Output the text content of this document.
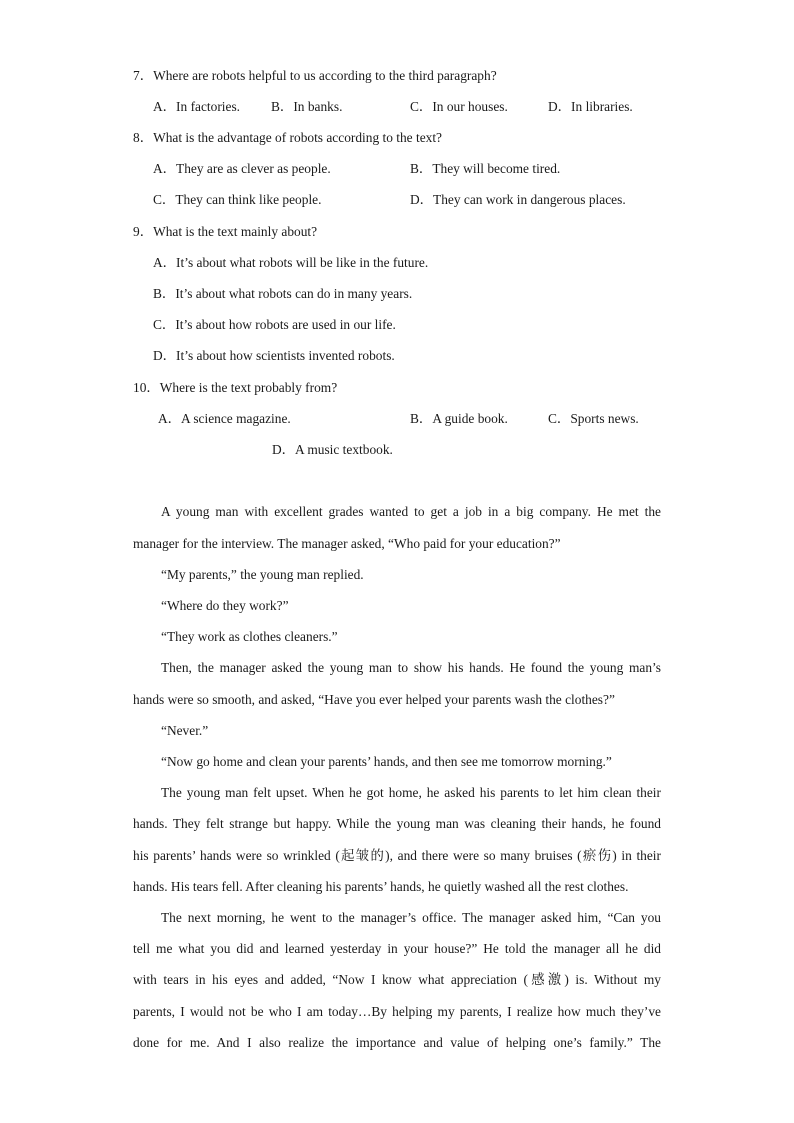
7．Where are robots helpful to us according to the third paragraph?
A．In factories. B．In banks.	C．In our houses.	D．In libraries.
8．What is the advantage of robots according to the text?
A．They are as clever as people.	B．They will become tired.
C．They can think like people.	D．They can work in dangerous places.
9．What is the text mainly about?
A．It’s about what robots will be like in the future.
B．It’s about what robots can do in many years.
C．It’s about how robots are used in our life.
D．It’s about how scientists invented robots.
10．Where is the text probably from?
A．A science magazine.	B．A guide book.	C．Sports news.
D．A music textbook.
A young man with excellent grades wanted to get a job in a big company. He met the
manager for the interview. The manager asked, “Who paid for your education?”
“My parents,” the young man replied.
“Where do they work?”
“They work as clothes cleaners.”
Then, the manager asked the young man to show his hands. He found the young man’s
hands were so smooth, and asked, “Have you ever helped your parents wash the clothes?”
“Never.”
“Now go home and clean your parents’ hands, and then see me tomorrow morning.”
The young man felt upset. When he got home, he asked his parents to let him clean their
hands. They felt strange but happy. While the young man was cleaning their hands, he found
his parents’ hands were so wrinkled (起皱的), and there were so many bruises (瘀伤) in their
hands. His tears fell. After cleaning his parents’ hands, he quietly washed all the rest clothes.
The next morning, he went to the manager’s office. The manager asked him, “Can you
tell me what you did and learned yesterday in your house?” He told the manager all he did
with tears in his eyes and added, “Now I know what appreciation (感激) is. Without my
parents, I would not be who I am today…By helping my parents, I realize how much they’ve
done for me. And I also realize the importance and value of helping one’s family.” The
